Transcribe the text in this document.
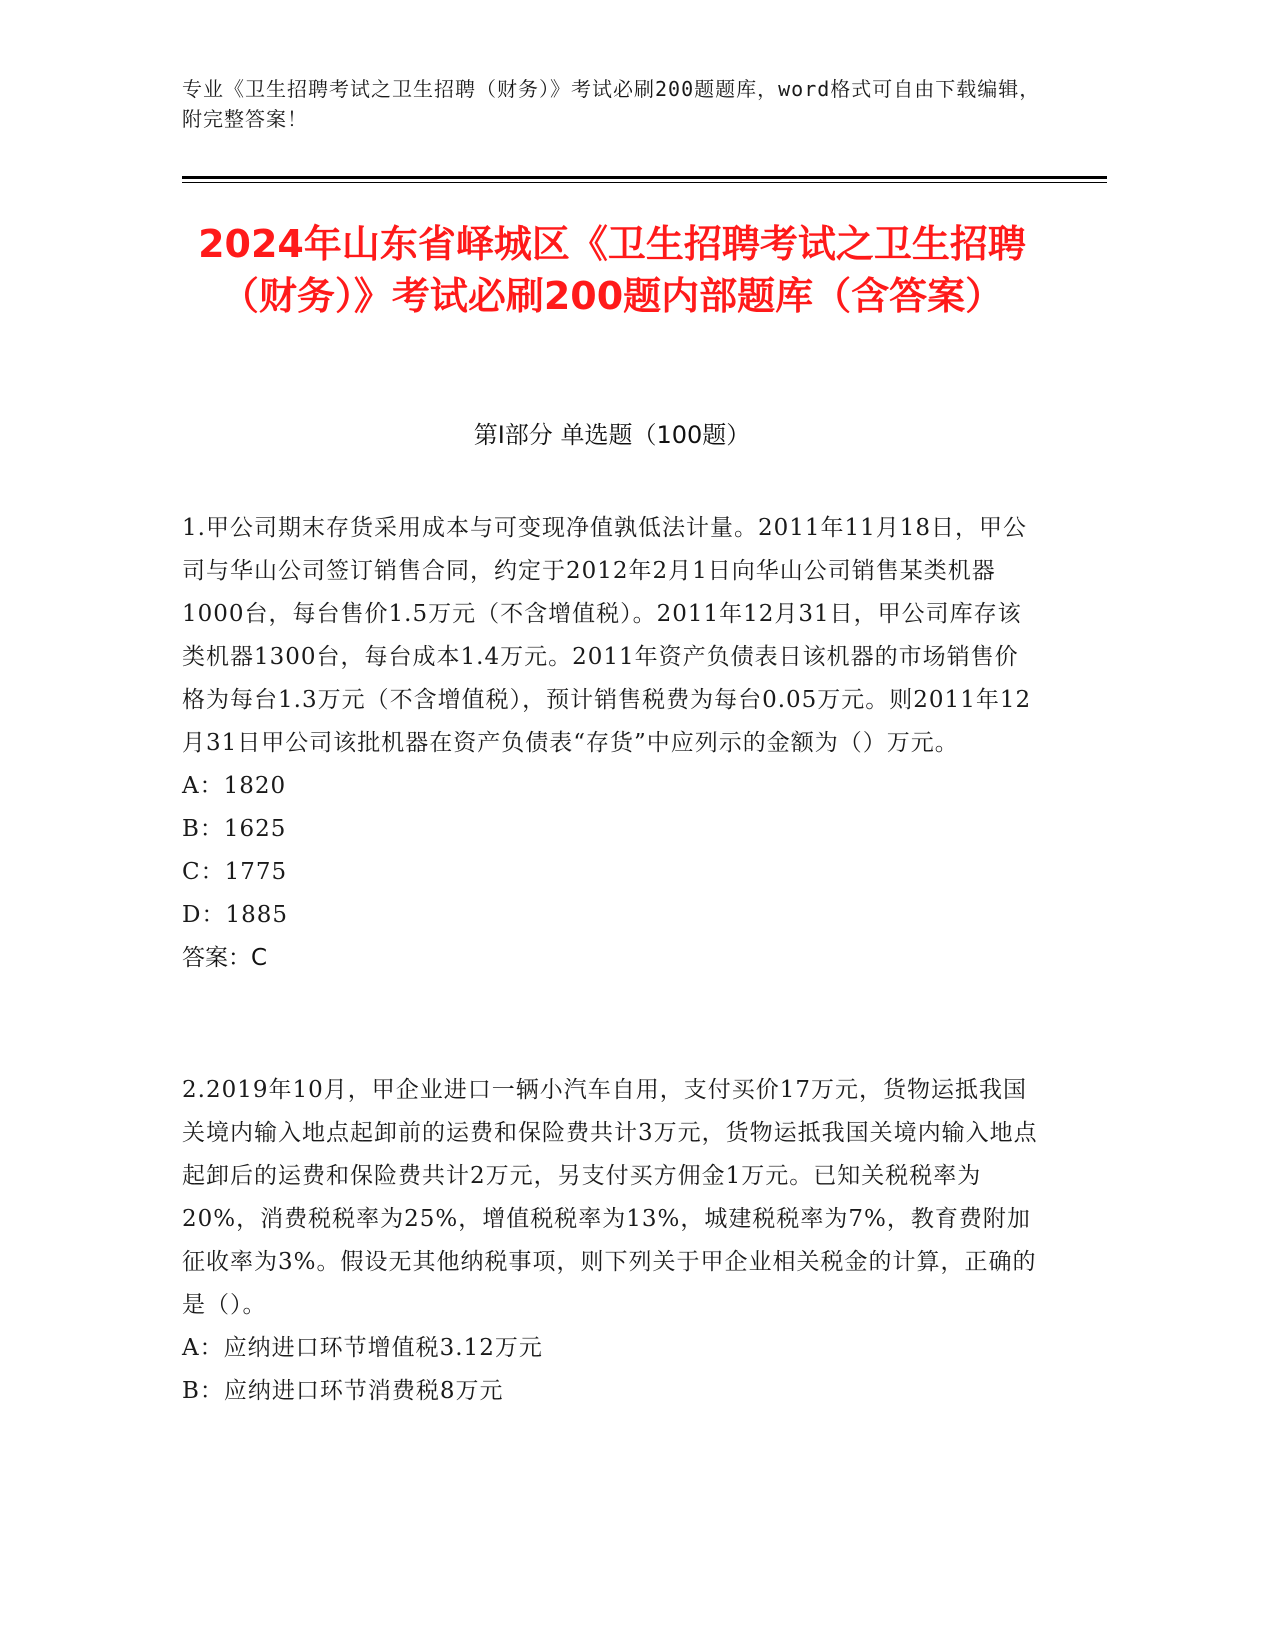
专业《卫生招聘考试之卫生招聘（财务）》考试必刷200题题库，word格式可自由下载编辑，附完整答案！
2024年山东省峄城区《卫生招聘考试之卫生招聘（财务）》考试必刷200题内部题库（含答案）
第Ⅰ部分 单选题（100题）

1.甲公司期末存货采用成本与可变现净值孰低法计量。2011年11月18日，甲公司与华山公司签订销售合同，约定于2012年2月1日向华山公司销售某类机器1000台，每台售价1.5万元（不含增值税）。2011年12月31日，甲公司库存该类机器1300台，每台成本1.4万元。2011年资产负债表日该机器的市场销售价格为每台1.3万元（不含增值税），预计销售税费为每台0.05万元。则2011年12月31日甲公司该批机器在资产负债表“存货”中应列示的金额为（）万元。

A：1820

B：1625

C：1775

D：1885

答案：C

2.2019年10月，甲企业进口一辆小汽车自用，支付买价17万元，货物运抵我国关境内输入地点起卸前的运费和保险费共计3万元，货物运抵我国关境内输入地点起卸后的运费和保险费共计2万元，另支付买方佣金1万元。已知关税税率为20%，消费税税率为25%，增值税税率为13%，城建税税率为7%，教育费附加征收率为3%。假设无其他纳税事项，则下列关于甲企业相关税金的计算，正确的是（）。

A：应纳进口环节增值税3.12万元

B：应纳进口环节消费税8万元
